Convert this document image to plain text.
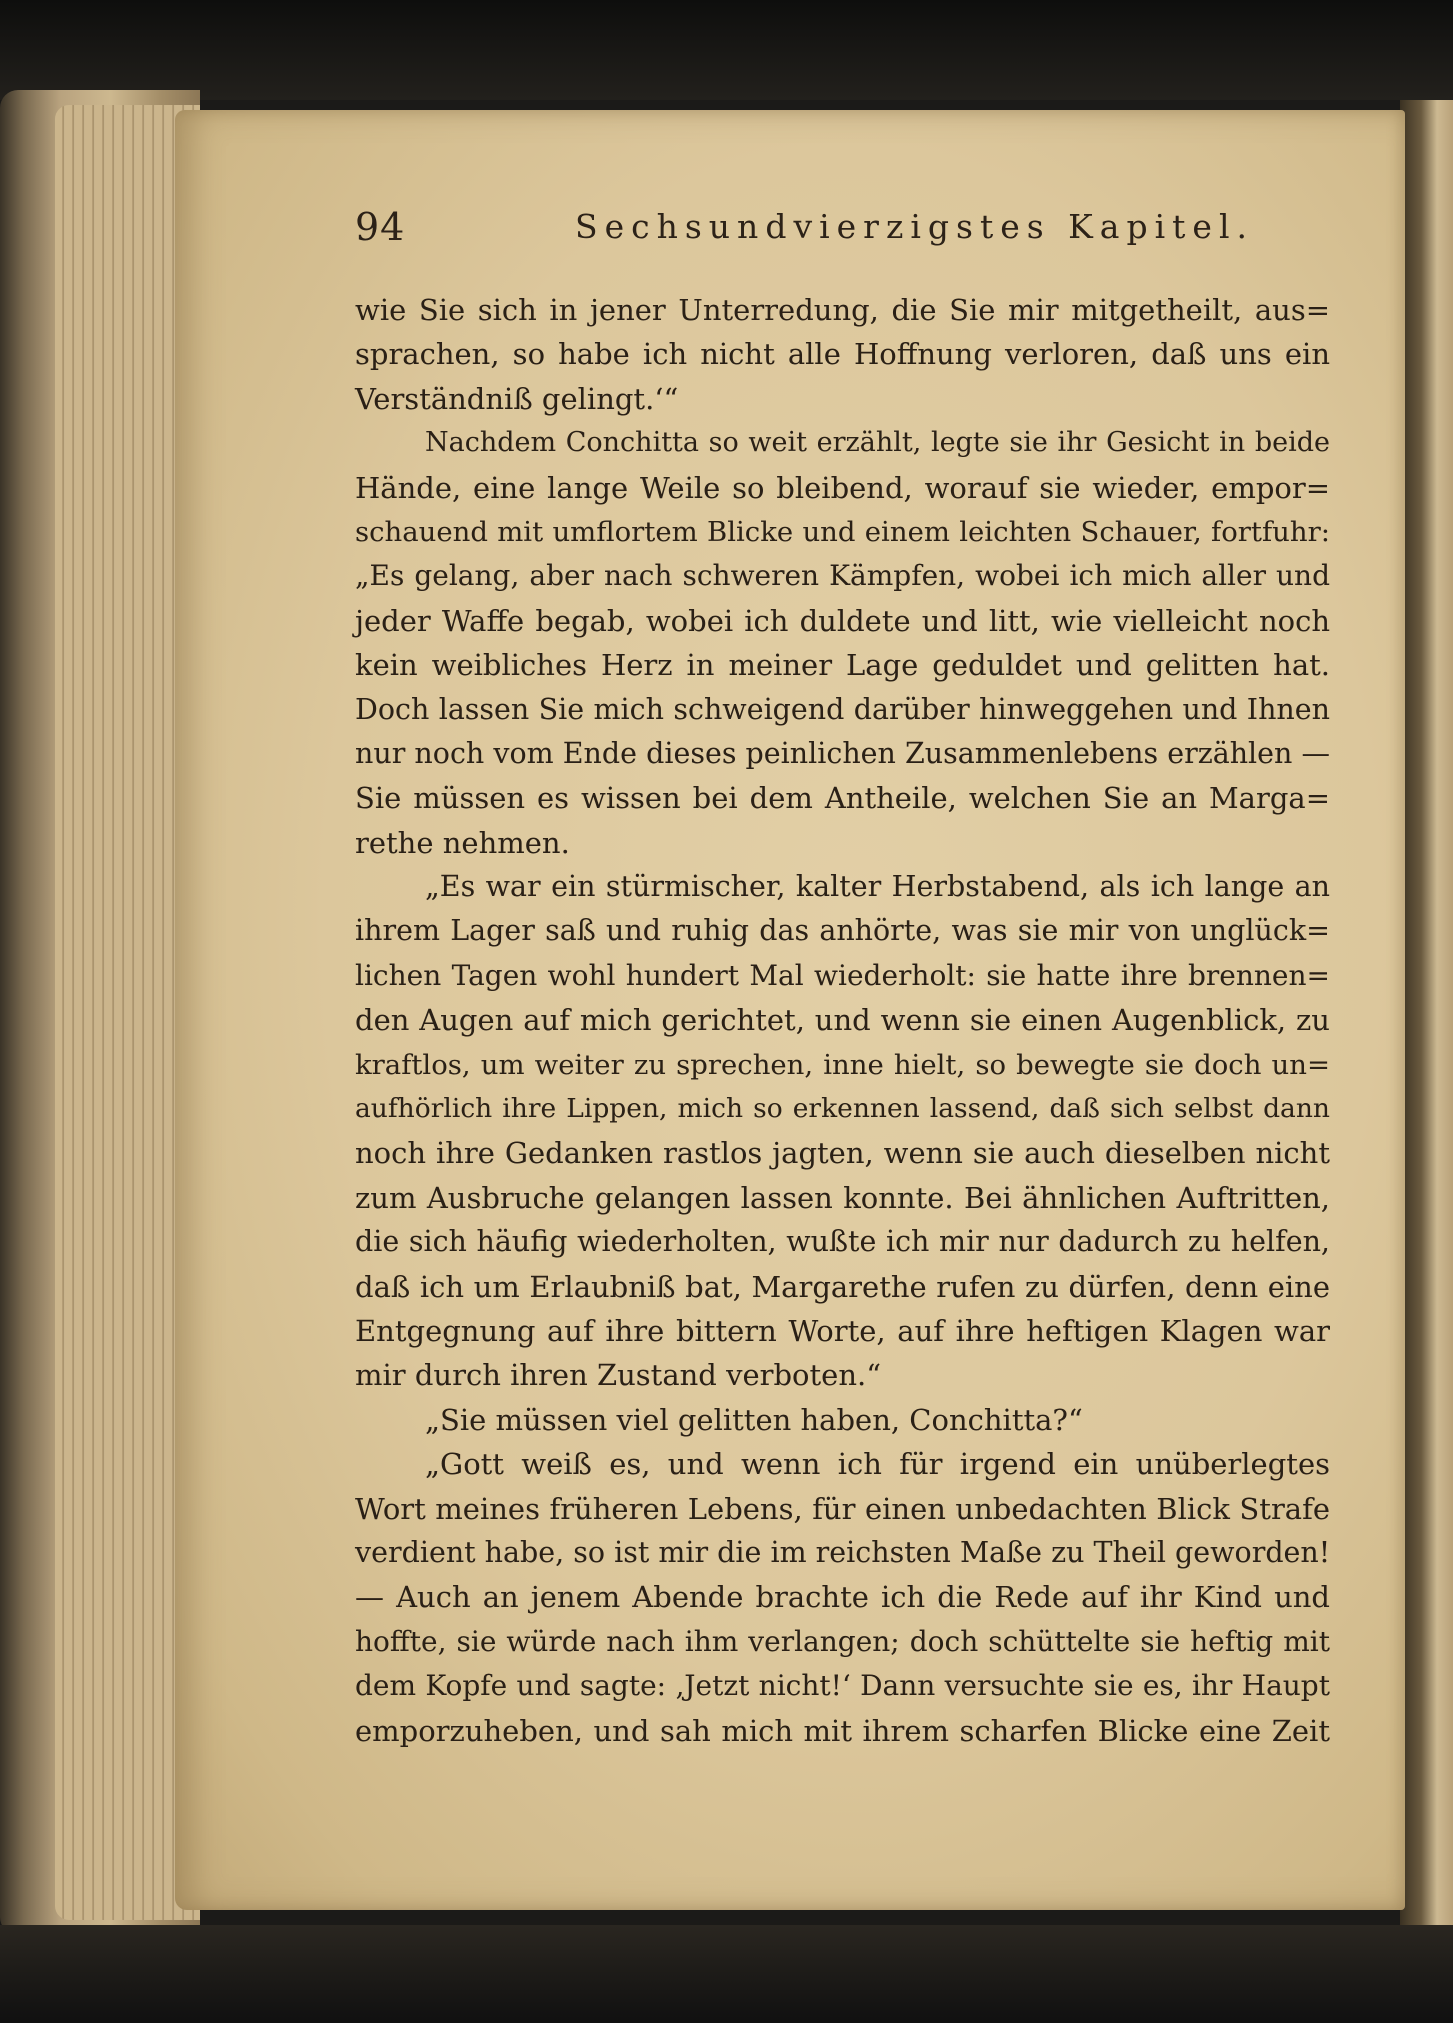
94	Sechsundvierzigstes Kapitel.
wie Sie sich in jener Unterredung, die Sie mir mitgetheilt, aus=
sprachen, so habe ich nicht alle Hoffnung verloren, daß uns ein
Verständniß gelingt.‘“
Nachdem Conchitta so weit erzählt, legte sie ihr Gesicht in beide
Hände, eine lange Weile so bleibend, worauf sie wieder, empor=
schauend mit umflortem Blicke und einem leichten Schauer, fortfuhr:
„Es gelang, aber nach schweren Kämpfen, wobei ich mich aller und
jeder Waffe begab, wobei ich duldete und litt, wie vielleicht noch
kein weibliches Herz in meiner Lage geduldet und gelitten hat.
Doch lassen Sie mich schweigend darüber hinweggehen und Ihnen
nur noch vom Ende dieses peinlichen Zusammenlebens erzählen —
Sie müssen es wissen bei dem Antheile, welchen Sie an Marga=
rethe nehmen.
„Es war ein stürmischer, kalter Herbstabend, als ich lange an
ihrem Lager saß und ruhig das anhörte, was sie mir von unglück=
lichen Tagen wohl hundert Mal wiederholt: sie hatte ihre brennen=
den Augen auf mich gerichtet, und wenn sie einen Augenblick, zu
kraftlos, um weiter zu sprechen, inne hielt, so bewegte sie doch un=
aufhörlich ihre Lippen, mich so erkennen lassend, daß sich selbst dann
noch ihre Gedanken rastlos jagten, wenn sie auch dieselben nicht
zum Ausbruche gelangen lassen konnte. Bei ähnlichen Auftritten,
die sich häufig wiederholten, wußte ich mir nur dadurch zu helfen,
daß ich um Erlaubniß bat, Margarethe rufen zu dürfen, denn eine
Entgegnung auf ihre bittern Worte, auf ihre heftigen Klagen war
mir durch ihren Zustand verboten.“
„Sie müssen viel gelitten haben, Conchitta?“
„Gott weiß es, und wenn ich für irgend ein unüberlegtes
Wort meines früheren Lebens, für einen unbedachten Blick Strafe
verdient habe, so ist mir die im reichsten Maße zu Theil geworden!
— Auch an jenem Abende brachte ich die Rede auf ihr Kind und
hoffte, sie würde nach ihm verlangen; doch schüttelte sie heftig mit
dem Kopfe und sagte: ‚Jetzt nicht!‘ Dann versuchte sie es, ihr Haupt
emporzuheben, und sah mich mit ihrem scharfen Blicke eine Zeit
